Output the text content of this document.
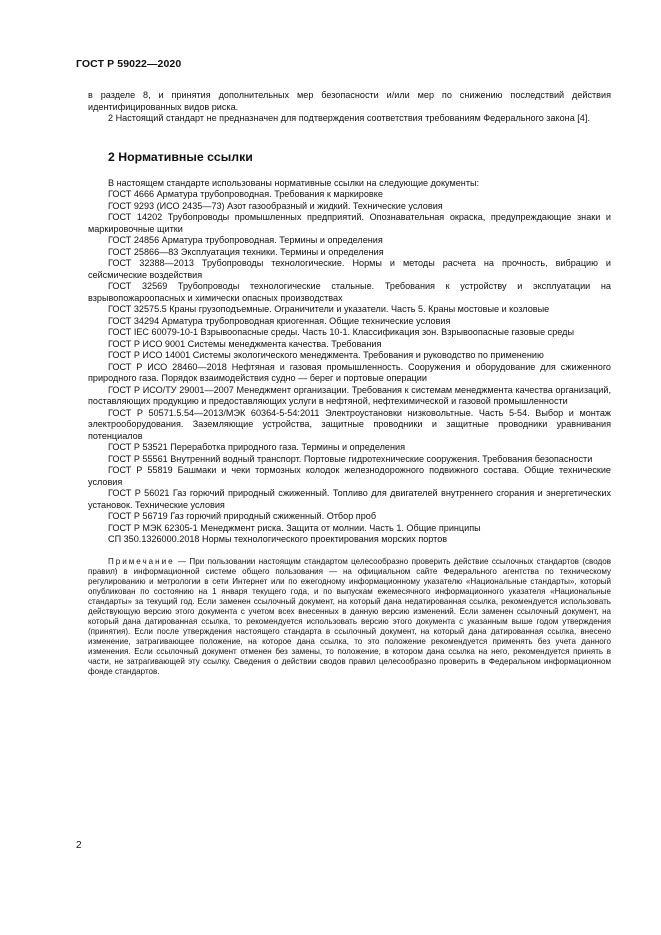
ГОСТ Р 59022—2020

в разделе 8, и принятия дополнительных мер безопасности и/или мер по снижению последствий действия идентифицированных видов риска.

2 Настоящий стандарт не предназначен для подтверждения соответствия требованиям Федерального закона [4].

2 Нормативные ссылки

В настоящем стандарте использованы нормативные ссылки на следующие документы:

ГОСТ 4666 Арматура трубопроводная. Требования к маркировке

ГОСТ 9293 (ИСО 2435—73) Азот газообразный и жидкий. Технические условия

ГОСТ 14202 Трубопроводы промышленных предприятий. Опознавательная окраска, предупреждающие знаки и маркировочные щитки

ГОСТ 24856 Арматура трубопроводная. Термины и определения

ГОСТ 25866—83 Эксплуатация техники. Термины и определения

ГОСТ 32388—2013 Трубопроводы технологические. Нормы и методы расчета на прочность, вибрацию и сейсмические воздействия

ГОСТ 32569 Трубопроводы технологические стальные. Требования к устройству и эксплуатации на взрывопожароопасных и химически опасных производствах

ГОСТ 32575.5 Краны грузоподъемные. Ограничители и указатели. Часть 5. Краны мостовые и козловые

ГОСТ 34294 Арматура трубопроводная криогенная. Общие технические условия

ГОСТ IEC 60079-10-1 Взрывоопасные среды. Часть 10-1. Классификация зон. Взрывоопасные газовые среды

ГОСТ Р ИСО 9001 Системы менеджмента качества. Требования

ГОСТ Р ИСО 14001 Системы экологического менеджмента. Требования и руководство по применению

ГОСТ Р ИСО 28460—2018 Нефтяная и газовая промышленность. Сооружения и оборудование для сжиженного природного газа. Порядок взаимодействия судно — берег и портовые операции

ГОСТ Р ИСО/ТУ 29001—2007 Менеджмент организации. Требования к системам менеджмента качества организаций, поставляющих продукцию и предоставляющих услуги в нефтяной, нефтехимической и газовой промышленности

ГОСТ Р 50571.5.54—2013/МЭК 60364-5-54:2011 Электроустановки низковольтные. Часть 5-54. Выбор и монтаж электрооборудования. Заземляющие устройства, защитные проводники и защитные проводники уравнивания потенциалов

ГОСТ Р 53521 Переработка природного газа. Термины и определения

ГОСТ Р 55561 Внутренний водный транспорт. Портовые гидротехнические сооружения. Требования безопасности

ГОСТ Р 55819 Башмаки и чеки тормозных колодок железнодорожного подвижного состава. Общие технические условия

ГОСТ Р 56021 Газ горючий природный сжиженный. Топливо для двигателей внутреннего сгорания и энергетических установок. Технические условия

ГОСТ Р 56719 Газ горючий природный сжиженный. Отбор проб

ГОСТ Р МЭК 62305-1 Менеджмент риска. Защита от молнии. Часть 1. Общие принципы

СП 350.1326000.2018 Нормы технологического проектирования морских портов

Примечание — При пользовании настоящим стандартом целесообразно проверить действие ссылочных стандартов (сводов правил) в информационной системе общего пользования — на официальном сайте Федерального агентства по техническому регулированию и метрологии в сети Интернет или по ежегодному информационному указателю «Национальные стандарты», который опубликован по состоянию на 1 января текущего года, и по выпускам ежемесячного информационного указателя «Национальные стандарты» за текущий год. Если заменен ссылочный документ, на который дана недатированная ссылка, рекомендуется использовать действующую версию этого документа с учетом всех внесенных в данную версию изменений. Если заменен ссылочный документ, на который дана датированная ссылка, то рекомендуется использовать версию этого документа с указанным выше годом утверждения (принятия). Если после утверждения настоящего стандарта в ссылочный документ, на который дана датированная ссылка, внесено изменение, затрагивающее положение, на которое дана ссылка, то это положение рекомендуется применять без учета данного изменения. Если ссылочный документ отменен без замены, то положение, в котором дана ссылка на него, рекомендуется принять в части, не затрагивающей эту ссылку. Сведения о действии сводов правил целесообразно проверить в Федеральном информационном фонде стандартов.

2
